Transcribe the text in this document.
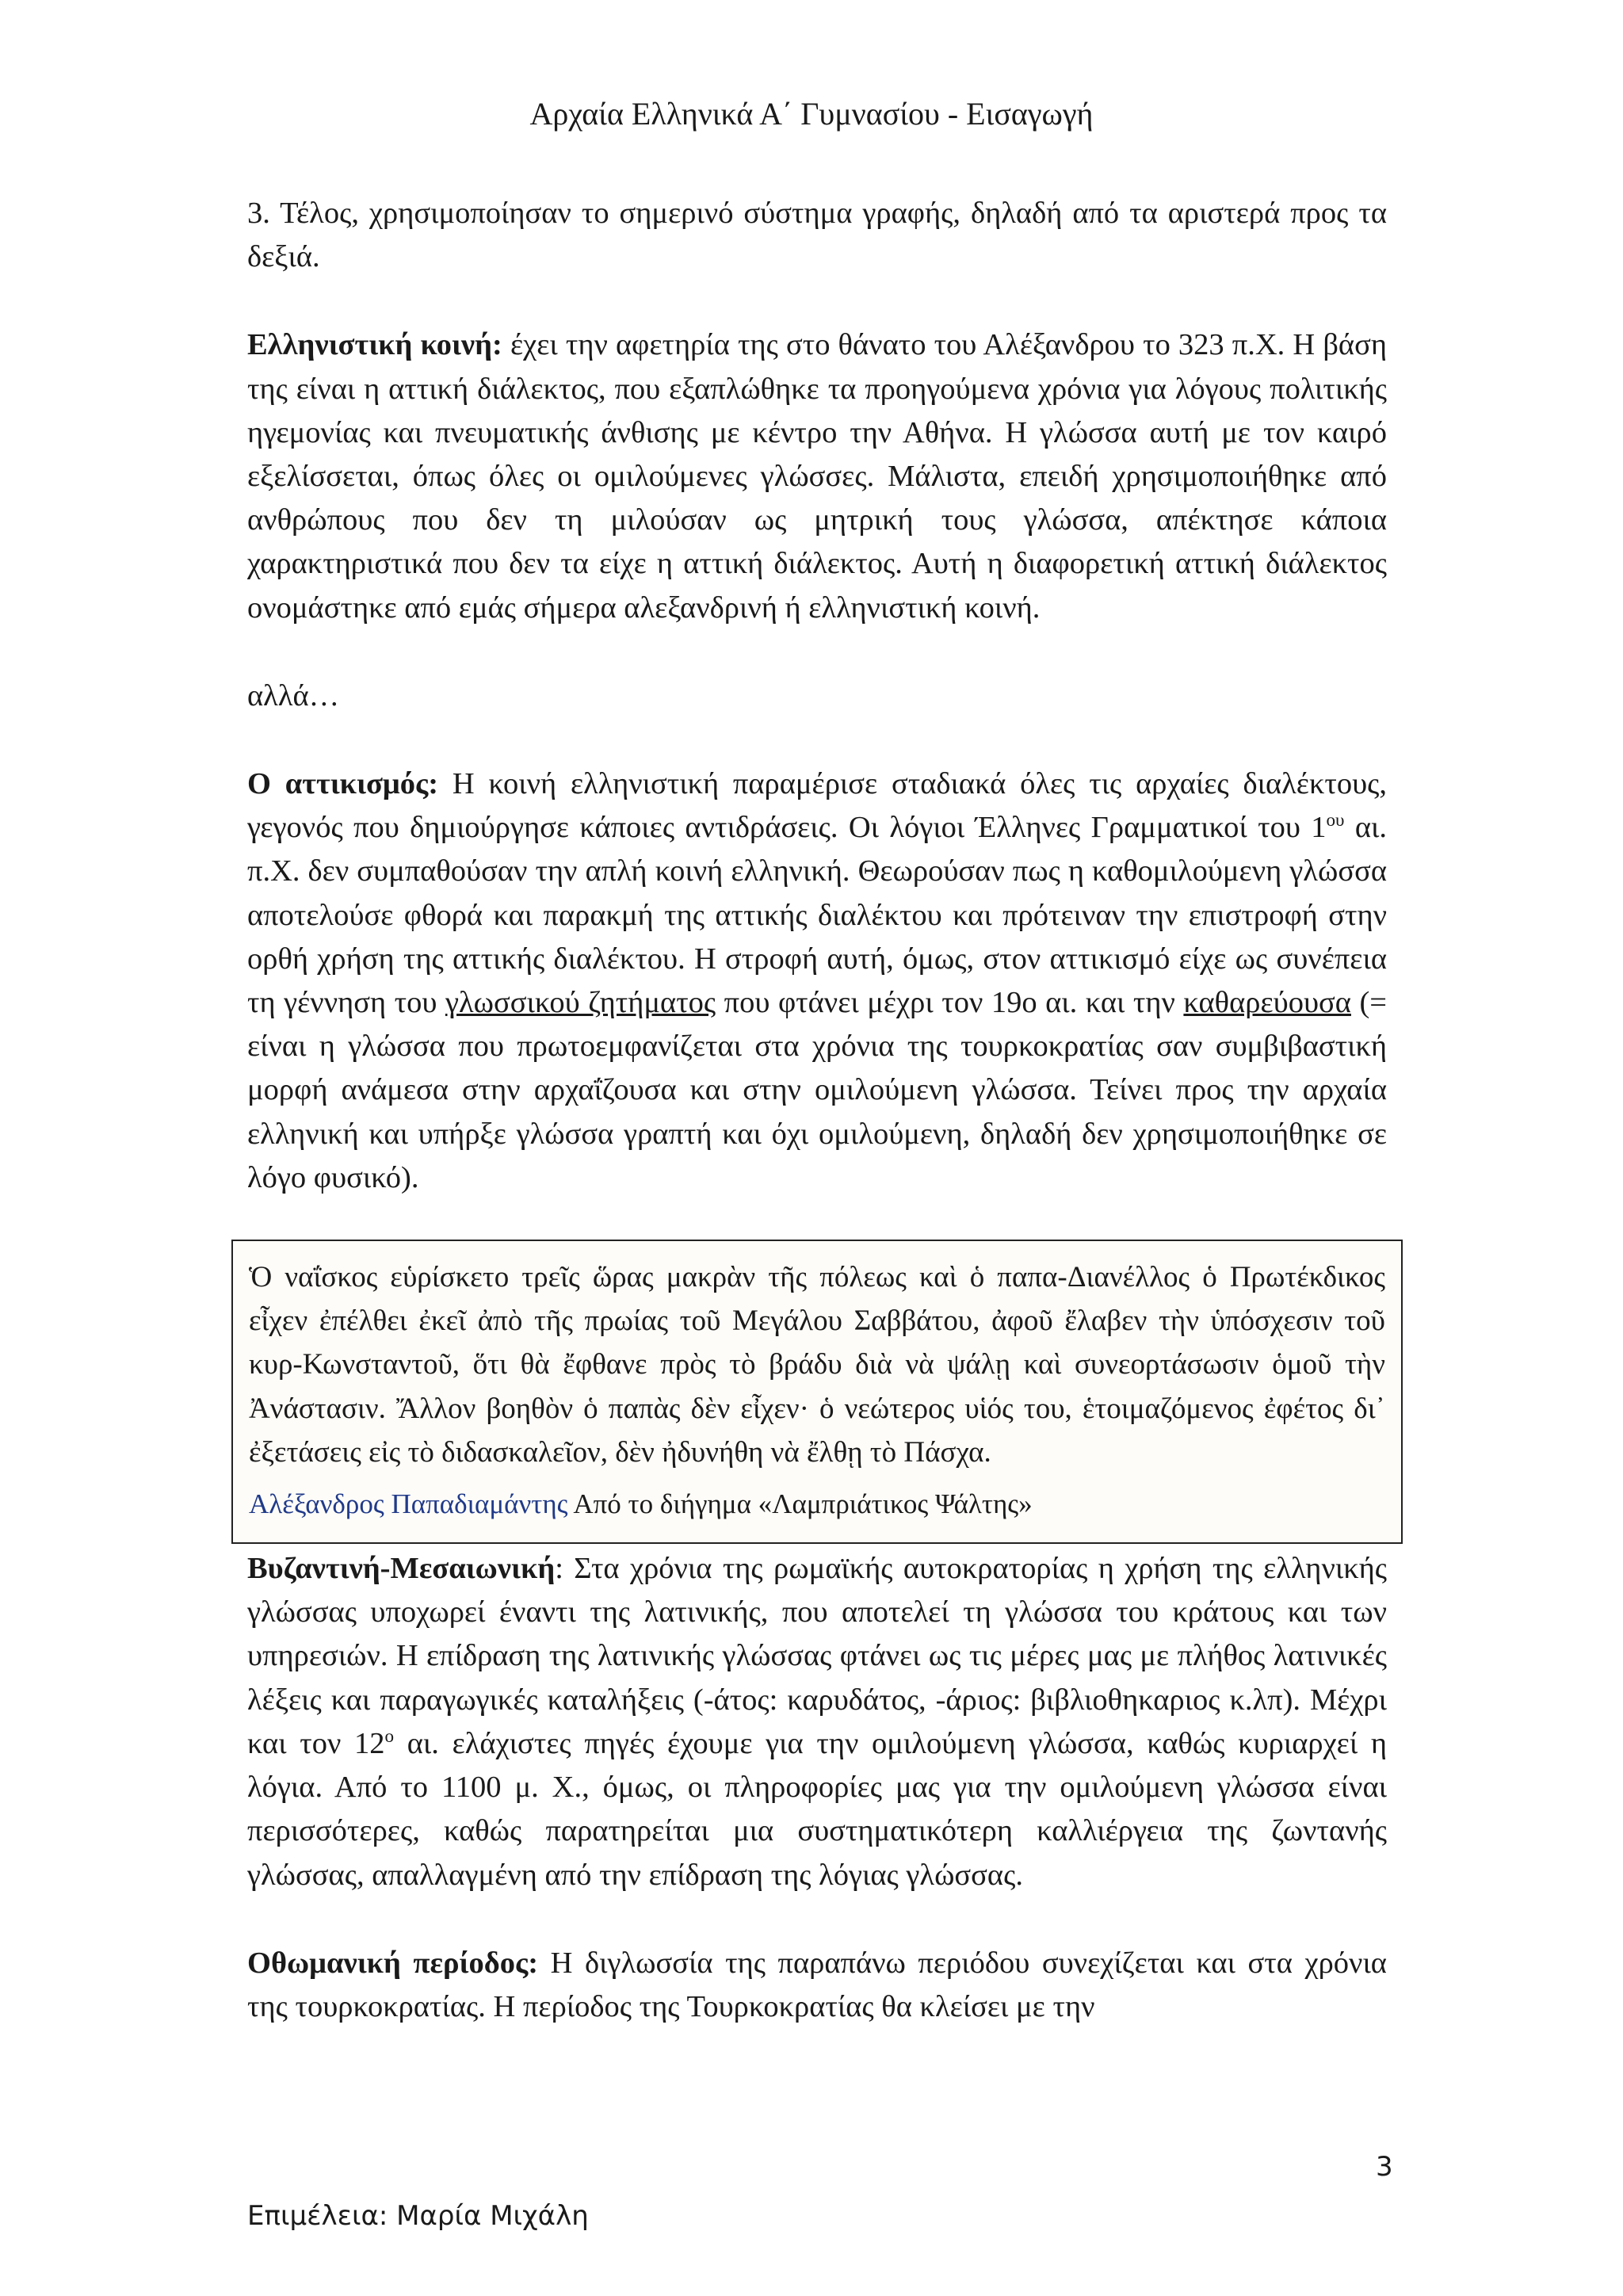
Αρχαία Ελληνικά Α΄ Γυμνασίου - Εισαγωγή

3. Τέλος, χρησιμοποίησαν το σημερινό σύστημα γραφής, δηλαδή από τα αριστερά προς τα δεξιά.

Ελληνιστική κοινή: έχει την αφετηρία της στο θάνατο του Αλέξανδρου το 323 π.Χ. Η βάση της είναι η αττική διάλεκτος, που εξαπλώθηκε τα προηγούμενα χρόνια για λόγους πολιτικής ηγεμονίας και πνευματικής άνθισης με κέντρο την Αθήνα. Η γλώσσα αυτή με τον καιρό εξελίσσεται, όπως όλες οι ομιλούμενες γλώσσες. Μάλιστα, επειδή χρησιμοποιήθηκε από ανθρώπους που δεν τη μιλούσαν ως μητρική τους γλώσσα, απέκτησε κάποια χαρακτηριστικά που δεν τα είχε η αττική διάλεκτος. Αυτή η διαφορετική αττική διάλεκτος ονομάστηκε από εμάς σήμερα αλεξανδρινή ή ελληνιστική κοινή.

αλλά…

Ο αττικισμός: Η κοινή ελληνιστική παραμέρισε σταδιακά όλες τις αρχαίες διαλέκτους, γεγονός που δημιούργησε κάποιες αντιδράσεις. Οι λόγιοι Έλληνες Γραμματικοί του $1^{o\upsilon}$ αι. π.Χ. δεν συμπαθούσαν την απλή κοινή ελληνική. Θεωρούσαν πως η καθομιλούμενη γλώσσα αποτελούσε φθορά και παρακμή της αττικής διαλέκτου και πρότειναν την επιστροφή στην ορθή χρήση της αττικής διαλέκτου. Η στροφή αυτή, όμως, στον αττικισμό είχε ως συνέπεια τη γέννηση του γλωσσικού ζητήματος που φτάνει μέχρι τον 19ο αι. και την καθαρεύουσα (= είναι η γλώσσα που πρωτοεμφανίζεται στα χρόνια της τουρκοκρατίας σαν συμβιβαστική μορφή ανάμεσα στην αρχαΐζουσα και στην ομιλούμενη γλώσσα. Τείνει προς την αρχαία ελληνική και υπήρξε γλώσσα γραπτή και όχι ομιλούμενη, δηλαδή δεν χρησιμοποιήθηκε σε λόγο φυσικό).

Ὁ ναΐσκος εὑρίσκετο τρεῖς ὥρας μακρὰν τῆς πόλεως καὶ ὁ παπα-Διανέλλος ὁ Πρωτέκδικος εἶχεν ἐπέλθει ἐκεῖ ἀπὸ τῆς πρωίας τοῦ Μεγάλου Σαββάτου, ἀφοῦ ἔλαβεν τὴν ὑπόσχεσιν τοῦ κυρ-Κωνσταντοῦ, ὅτι θὰ ἔφθανε πρὸς τὸ βράδυ διὰ νὰ ψάλῃ καὶ συνεορτάσωσιν ὁμοῦ τὴν Ἀνάστασιν. Ἄλλον βοηθὸν ὁ παπὰς δὲν εἶχεν· ὁ νεώτερος υἱός του, ἑτοιμαζόμενος ἐφέτος δι᾽ ἐξετάσεις εἰς τὸ διδασκαλεῖον, δὲν ἠδυνήθη νὰ ἔλθῃ τὸ Πάσχα.

Αλέξανδρος Παπαδιαμάντης Από το διήγημα «Λαμπριάτικος Ψάλτης»

Βυζαντινή-Μεσαιωνική: Στα χρόνια της ρωμαϊκής αυτοκρατορίας η χρήση της ελληνικής γλώσσας υποχωρεί έναντι της λατινικής, που αποτελεί τη γλώσσα του κράτους και των υπηρεσιών. Η επίδραση της λατινικής γλώσσας φτάνει ως τις μέρες μας με πλήθος λατινικές λέξεις και παραγωγικές καταλήξεις (-άτος: καρυδάτος, -άριος: βιβλιοθηκαριος κ.λπ). Μέχρι και τον $12^o$ αι. ελάχιστες πηγές έχουμε για την ομιλούμενη γλώσσα, καθώς κυριαρχεί η λόγια. Από το 1100 μ. Χ., όμως, οι πληροφορίες μας για την ομιλούμενη γλώσσα είναι περισσότερες, καθώς παρατηρείται μια συστηματικότερη καλλιέργεια της ζωντανής γλώσσας, απαλλαγμένη από την επίδραση της λόγιας γλώσσας.

Οθωμανική περίοδος: Η διγλωσσία της παραπάνω περιόδου συνεχίζεται και στα χρόνια της τουρκοκρατίας. Η περίοδος της Τουρκοκρατίας θα κλείσει με την

3
Επιμέλεια: Μαρία Μιχάλη
